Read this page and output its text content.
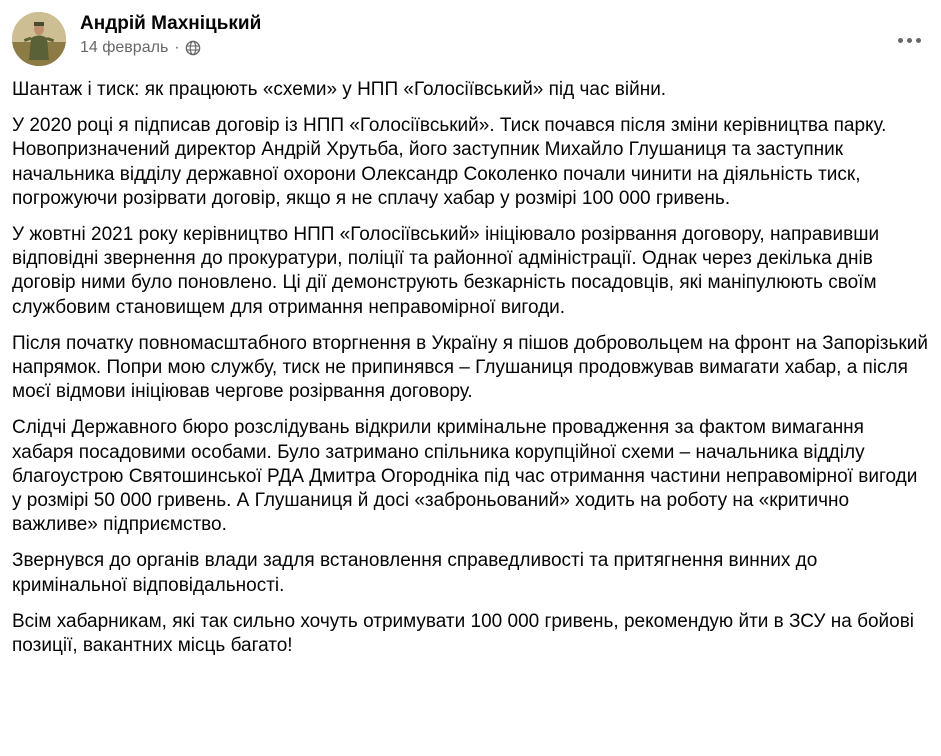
Андрій Махніцький
14 февраль ·

Шантаж і тиск: як працюють «схеми» у НПП «Голосіївський» під час війни.

У 2020 році я підписав договір із НПП «Голосіївський». Тиск почався після зміни керівництва парку. Новопризначений директор Андрій Хрутьба, його заступник Михайло Глушаниця та заступник начальника відділу державної охорони Олександр Соколенко почали чинити на діяльність тиск, погрожуючи розірвати договір, якщо я не сплачу хабар у розмірі 100 000 гривень.

У жовтні 2021 року керівництво НПП «Голосіївський» ініціювало розірвання договору, направивши відповідні звернення до прокуратури, поліції та районної адміністрації. Однак через декілька днів договір ними було поновлено. Ці дії демонструють безкарність посадовців, які маніпулюють своїм службовим становищем для отримання неправомірної вигоди.

Після початку повномасштабного вторгнення в Україну я пішов добровольцем на фронт на Запорізький напрямок. Попри мою службу, тиск не припинявся – Глушаниця продовжував вимагати хабар, а після моєї відмови ініціював чергове розірвання договору.

Слідчі Державного бюро розслідувань відкрили кримінальне провадження за фактом вимагання хабаря посадовими особами. Було затримано спільника корупційної схеми – начальника відділу благоустрою Святошинської РДА Дмитра Огородніка під час отримання частини неправомірної вигоди у розмірі 50 000 гривень. А Глушаниця й досі «заброньований» ходить на роботу на «критично важливе» підприємство.

Звернувся до органів влади задля встановлення справедливості та притягнення винних до кримінальної відповідальності.

Всім хабарникам, які так сильно хочуть отримувати 100 000 гривень, рекомендую йти в ЗСУ на бойові позиції, вакантних місць багато!
